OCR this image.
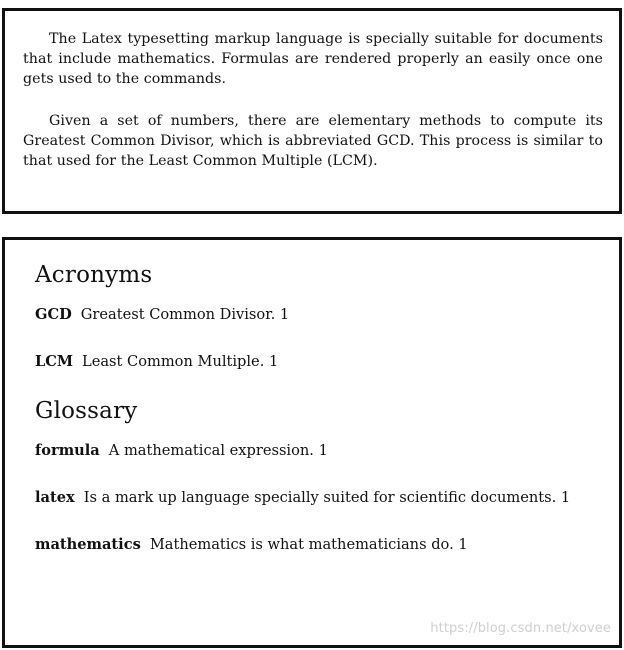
The Latex typesetting markup language is specially suitable for documents that include mathematics. Formulas are rendered properly an easily once one gets used to the commands.

Given a set of numbers, there are elementary methods to compute its Greatest Common Divisor, which is abbreviated GCD. This process is similar to that used for the Least Common Multiple (LCM).

Acronyms
GCD Greatest Common Divisor. 1
LCM Least Common Multiple. 1
Glossary
formula A mathematical expression. 1
latex Is a mark up language specially suited for scientific documents. 1
mathematics Mathematics is what mathematicians do. 1
https://blog.csdn.net/xovee
